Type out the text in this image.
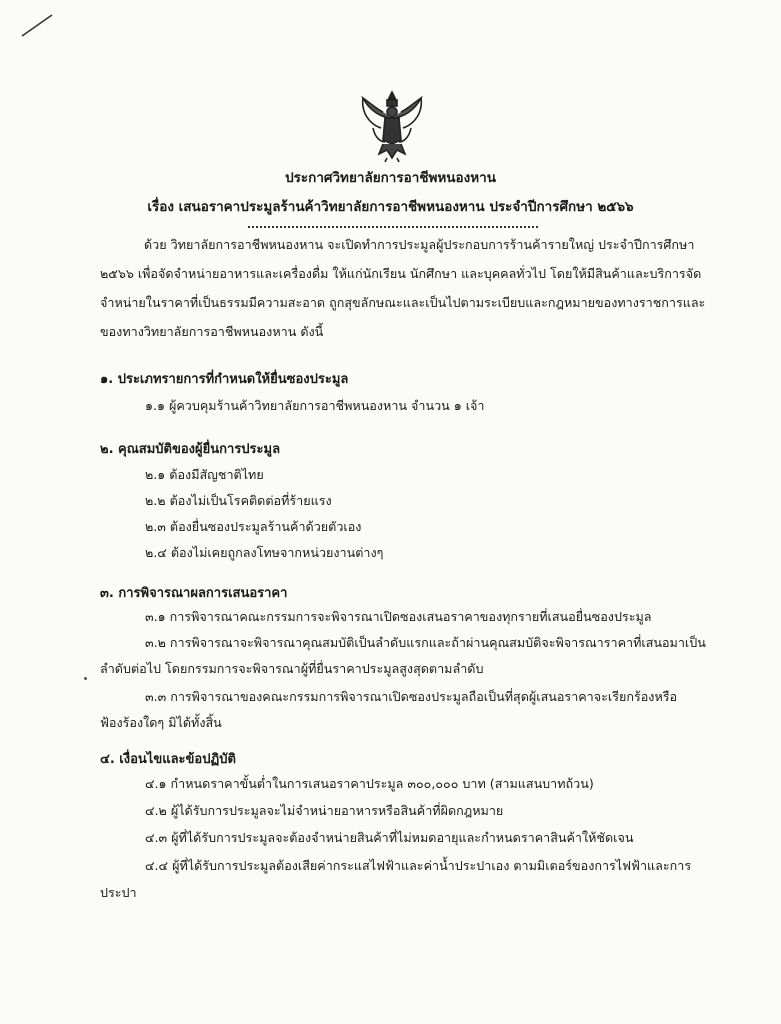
ประกาศวิทยาลัยการอาชีพหนองหาน
เรื่อง เสนอราคาประมูลร้านค้าวิทยาลัยการอาชีพหนองหาน ประจำปีการศึกษา ๒๕๖๖

ด้วย วิทยาลัยการอาชีพหนองหาน จะเปิดทำการประมูลผู้ประกอบการร้านค้ารายใหญ่ ประจำปีการศึกษา

๒๕๖๖ เพื่อจัดจำหน่ายอาหารและเครื่องดื่ม ให้แก่นักเรียน นักศึกษา และบุคคลทั่วไป โดยให้มีสินค้าและบริการจัด

จำหน่ายในราคาที่เป็นธรรมมีความสะอาด ถูกสุขลักษณะและเป็นไปตามระเบียบและกฎหมายของทางราชการและ

ของทางวิทยาลัยการอาชีพหนองหาน ดังนี้

๑. ประเภทรายการที่กำหนดให้ยื่นซองประมูล
๑.๑ ผู้ควบคุมร้านค้าวิทยาลัยการอาชีพหนองหาน จำนวน ๑ เจ้า
๒. คุณสมบัติของผู้ยื่นการประมูล
๒.๑ ต้องมีสัญชาติไทย
๒.๒ ต้องไม่เป็นโรคติดต่อที่ร้ายแรง
๒.๓ ต้องยื่นซองประมูลร้านค้าด้วยตัวเอง
๒.๔ ต้องไม่เคยถูกลงโทษจากหน่วยงานต่างๆ
๓. การพิจารณาผลการเสนอราคา
๓.๑ การพิจารณาคณะกรรมการจะพิจารณาเปิดซองเสนอราคาของทุกรายที่เสนอยื่นซองประมูล
๓.๒ การพิจารณาจะพิจารณาคุณสมบัติเป็นลำดับแรกและถ้าผ่านคุณสมบัติจะพิจารณาราคาที่เสนอมาเป็น
ลำดับต่อไป โดยกรรมการจะพิจารณาผู้ที่ยื่นราคาประมูลสูงสุดตามลำดับ
๓.๓ การพิจารณาของคณะกรรมการพิจารณาเปิดซองประมูลถือเป็นที่สุดผู้เสนอราคาจะเรียกร้องหรือ
ฟ้องร้องใดๆ มิได้ทั้งสิ้น
๔. เงื่อนไขและข้อปฏิบัติ
๔.๑ กำหนดราคาขั้นต่ำในการเสนอราคาประมูล ๓๐๐,๐๐๐ บาท (สามแสนบาทถ้วน)
๔.๒ ผู้ได้รับการประมูลจะไม่จำหน่ายอาหารหรือสินค้าที่ผิดกฎหมาย
๔.๓ ผู้ที่ได้รับการประมูลจะต้องจำหน่ายสินค้าที่ไม่หมดอายุและกำหนดราคาสินค้าให้ชัดเจน
๔.๔ ผู้ที่ได้รับการประมูลต้องเสียค่ากระแสไฟฟ้าและค่าน้ำประปาเอง ตามมิเตอร์ของการไฟฟ้าและการ
ประปา
